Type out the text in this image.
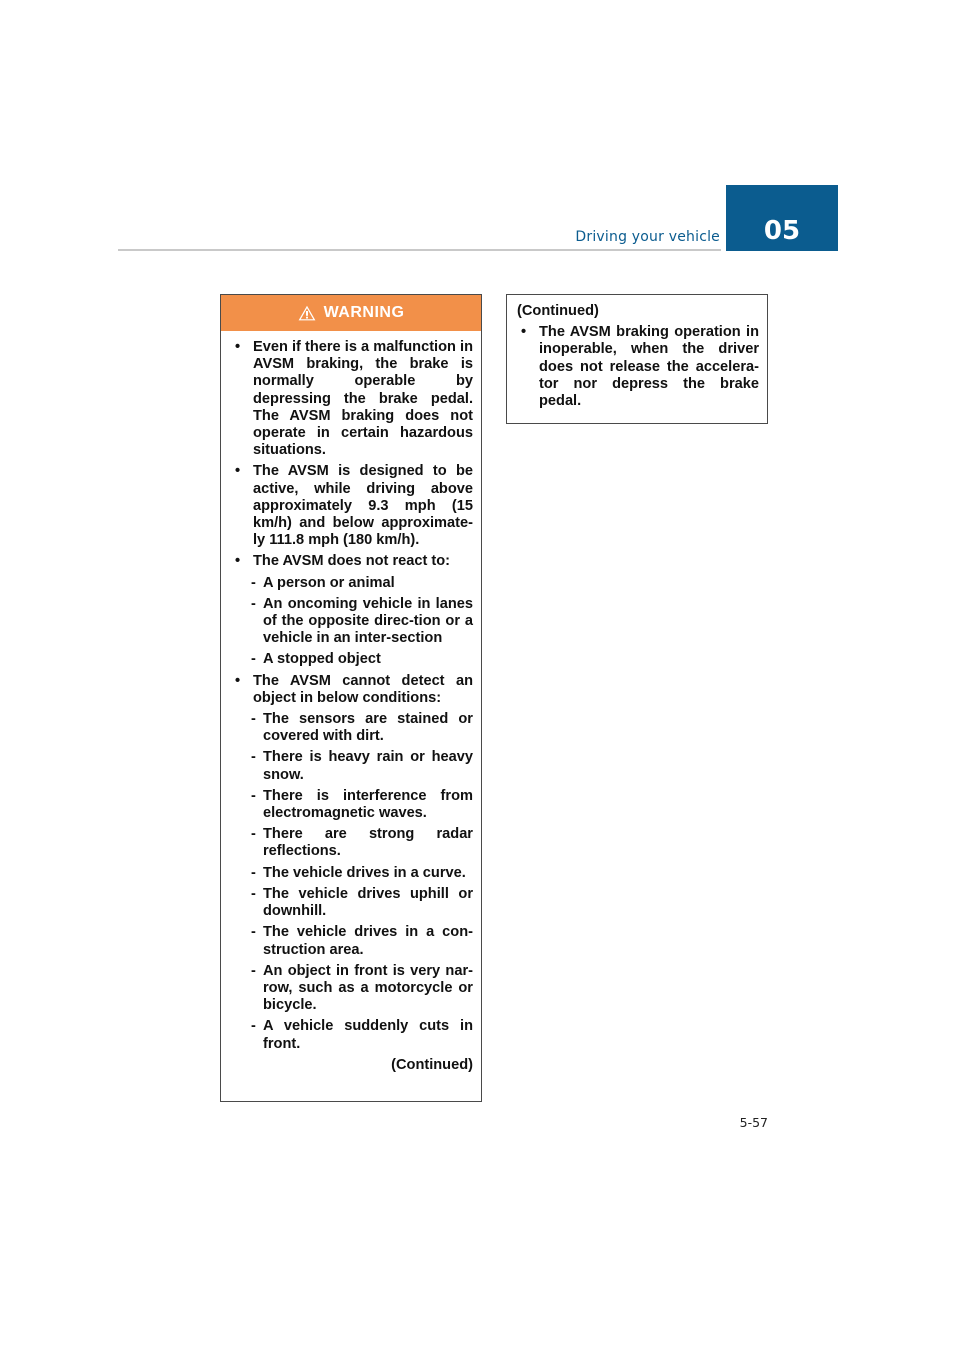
Driving your vehicle	05
WARNING
• Even if there is a malfunction in AVSM braking, the brake is normally operable by depressing the brake pedal. The AVSM braking does not operate in certain hazardous situations.
• The AVSM is designed to be active, while driving above approximately 9.3 mph (15 km/h) and below approximate-ly 111.8 mph (180 km/h).
• The AVSM does not react to:
- A person or animal
- An oncoming vehicle in lanes of the opposite direc-tion or a vehicle in an inter-section
- A stopped object
• The AVSM cannot detect an object in below conditions:
- The sensors are stained or covered with dirt.
- There is heavy rain or heavy snow.
- There is interference from electromagnetic waves.
- There are strong radar reflections.
- The vehicle drives in a curve.
- The vehicle drives uphill or downhill.
- The vehicle drives in a con-struction area.
- An object in front is very nar-row, such as a motorcycle or bicycle.
- A vehicle suddenly cuts in front.
(Continued)
(Continued)
• The AVSM braking operation in inoperable, when the driver does not release the accelera-tor nor depress the brake pedal.
5-57
